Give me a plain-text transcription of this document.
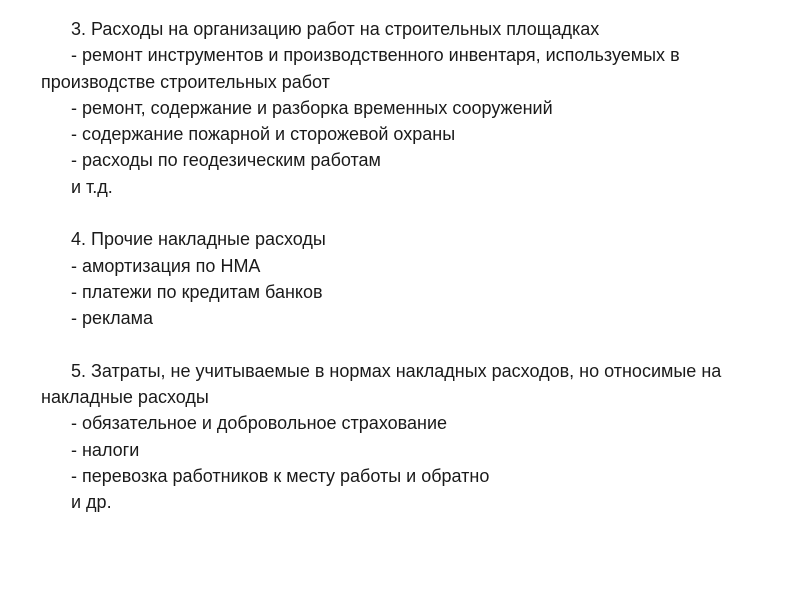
3. Расходы на организацию работ на строительных площадках

- ремонт инструментов и производственного инвентаря, используемых в производстве строительных работ

- ремонт, содержание и разборка временных сооружений

- содержание пожарной и сторожевой охраны

- расходы по геодезическим работам

и т.д.

4. Прочие накладные расходы

- амортизация по НМА

- платежи по кредитам банков

- реклама

5. Затраты, не учитываемые в нормах накладных расходов, но относимые на накладные расходы

- обязательное и добровольное страхование

- налоги

- перевозка работников к месту работы и обратно

и др.
